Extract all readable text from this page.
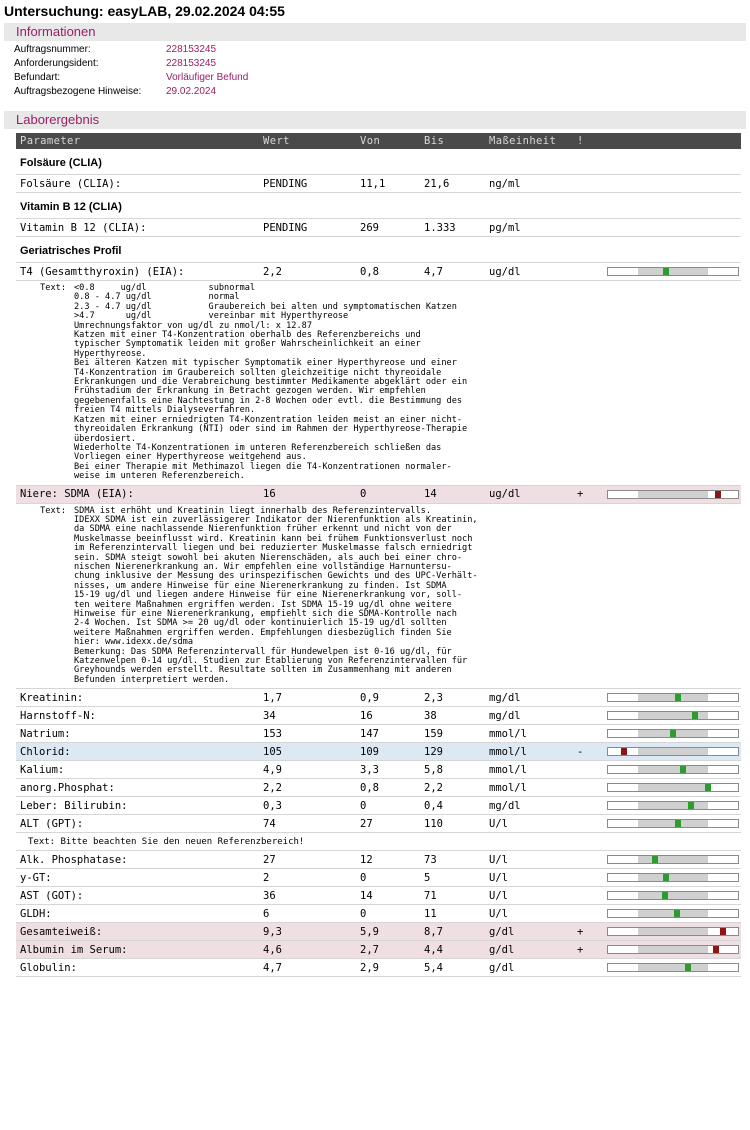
Untersuchung: easyLAB, 29.02.2024 04:55
Informationen
Auftragsnummer:	228153245
Anforderungsident:	228153245
Befundart:	Vorläufiger Befund
Auftragsbezogene Hinweise:	29.02.2024
Laborergebnis
Parameter	Wert	Von	Bis	Maßeinheit	!
Folsäure (CLIA)
Folsäure (CLIA):	PENDING	11,1	21,6	ng/ml
Vitamin B 12 (CLIA)
Vitamin B 12 (CLIA):	PENDING	269	1.333	pg/ml
Geriatrisches Profil
T4 (Gesamtthyroxin) (EIA):	2,2	0,8	4,7	ug/dl
Text: <0.8     ug/dl            subnormal
0.8 - 4.7 ug/dl           normal
2.3 - 4.7 ug/dl           Graubereich bei alten und symptomatischen Katzen
>4.7      ug/dl           vereinbar mit Hyperthyreose
Umrechnungsfaktor von ug/dl zu nmol/l: x 12.87
Katzen mit einer T4-Konzentration oberhalb des Referenzbereichs und
typischer Symptomatik leiden mit großer Wahrscheinlichkeit an einer
Hyperthyreose.
Bei älteren Katzen mit typischer Symptomatik einer Hyperthyreose und einer
T4-Konzentration im Graubereich sollten gleichzeitige nicht thyreoidale
Erkrankungen und die Verabreichung bestimmter Medikamente abgeklärt oder ein
Frühstadium der Erkrankung in Betracht gezogen werden. Wir empfehlen
gegebenenfalls eine Nachtestung in 2-8 Wochen oder evtl. die Bestimmung des
freien T4 mittels Dialyseverfahren.
Katzen mit einer erniedrigten T4-Konzentration leiden meist an einer nicht-
thyreoidalen Erkrankung (NTI) oder sind im Rahmen der Hyperthyreose-Therapie
überdosiert.
Wiederholte T4-Konzentrationen im unteren Referenzbereich schließen das
Vorliegen einer Hyperthyreose weitgehend aus.
Bei einer Therapie mit Methimazol liegen die T4-Konzentrationen normaler-
weise im unteren Referenzbereich.
Niere: SDMA (EIA):	16	0	14	ug/dl	+
Text: SDMA ist erhöht und Kreatinin liegt innerhalb des Referenzintervalls.
IDEXX SDMA ist ein zuverlässigerer Indikator der Nierenfunktion als Kreatinin,
da SDMA eine nachlassende Nierenfunktion früher erkennt und nicht von der
Muskelmasse beeinflusst wird. Kreatinin kann bei frühem Funktionsverlust noch
im Referenzintervall liegen und bei reduzierter Muskelmasse falsch erniedrigt
sein. SDMA steigt sowohl bei akuten Nierenschäden, als auch bei einer chro-
nischen Nierenerkrankung an. Wir empfehlen eine vollständige Harnuntersu-
chung inklusive der Messung des urinspezifischen Gewichts und des UPC-Verhält-
nisses, um andere Hinweise für eine Nierenerkrankung zu finden. Ist SDMA
15-19 ug/dl und liegen andere Hinweise für eine Nierenerkrankung vor, soll-
ten weitere Maßnahmen ergriffen werden. Ist SDMA 15-19 ug/dl ohne weitere
Hinweise für eine Nierenerkrankung, empfiehlt sich die SDMA-Kontrolle nach
2-4 Wochen. Ist SDMA >= 20 ug/dl oder kontinuierlich 15-19 ug/dl sollten
weitere Maßnahmen ergriffen werden. Empfehlungen diesbezüglich finden Sie
hier: www.idexx.de/sdma
Bemerkung: Das SDMA Referenzintervall für Hundewelpen ist 0-16 ug/dl, für
Katzenwelpen 0-14 ug/dl. Studien zur Etablierung von Referenzintervallen für
Greyhounds werden erstellt. Resultate sollten im Zusammenhang mit anderen
Befunden interpretiert werden.
Kreatinin:	1,7	0,9	2,3	mg/dl
Harnstoff-N:	34	16	38	mg/dl
Natrium:	153	147	159	mmol/l
Chlorid:	105	109	129	mmol/l	-
Kalium:	4,9	3,3	5,8	mmol/l
anorg.Phosphat:	2,2	0,8	2,2	mmol/l
Leber: Bilirubin:	0,3	0	0,4	mg/dl
ALT (GPT):	74	27	110	U/l
Text: Bitte beachten Sie den neuen Referenzbereich!
Alk. Phosphatase:	27	12	73	U/l
y-GT:	2	0	5	U/l
AST (GOT):	36	14	71	U/l
GLDH:	6	0	11	U/l
Gesamteiweiß:	9,3	5,9	8,7	g/dl	+
Albumin im Serum:	4,6	2,7	4,4	g/dl	+
Globulin:	4,7	2,9	5,4	g/dl
